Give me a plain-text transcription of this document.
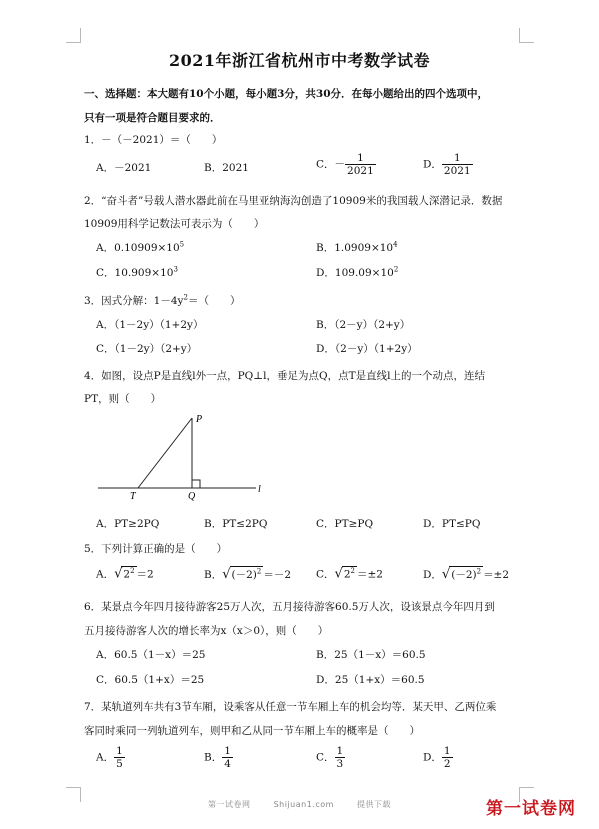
2021年浙江省杭州市中考数学试卷
一、选择题：本大题有10个小题，每小题3分，共30分．在每小题给出的四个选项中，
只有一项是符合题目要求的．
1．－（－2021）＝（　　）
A．－2021	B．2021	C．－ $\frac{1}{2021}$	D． $\frac{1}{2021}$
2．“奋斗者”号载人潜水器此前在马里亚纳海沟创造了10909米的我国载人深潜记录．数据
10909用科学记数法可表示为（　　）
A．$0.10909\times 10^5$	B．$1.0909\times 10^4$
C．$10.909\times 10^3$	D．$109.09\times 10^2$
3．因式分解：$1-4y^2=$（　　）
A．（1－2y）（1+2y）	B．（2－y）（2+y）
C．（1－2y）（2+y）	D．（2－y）（1+2y）
4．如图，设点P是直线l外一点，PQ⊥l，垂足为点Q，点T是直线l上的一个动点，连结
PT，则（　　）
P
T	Q
l
A．PT≥2PQ	B．PT≤2PQ	C．PT≥PQ	D．PT≤PQ
5．下列计算正确的是（　　）
A．$√2^2 =2$	B．$√(-2)^2 =-2$ C．$√2^2 =\pm 2$	D．$√(-2)^2 =\pm 2$
6．某景点今年四月接待游客25万人次，五月接待游客60.5万人次，设该景点今年四月到
五月接待游客人次的增长率为x（x＞0），则（　　）
A．60.5（1－x）＝25	B．25（1－x）＝60.5
C．60.5（1+x）＝25	D．25（1+x）＝60.5
7．某轨道列车共有3节车厢，设乘客从任意一节车厢上车的机会均等．某天甲、乙两位乘
客同时乘同一列轨道列车，则甲和乙从同一节车厢上车的概率是（　　）
A． $\frac{1}{5}$	B． $\frac{1}{4}$	C． $\frac{1}{3}$	D． $\frac{1}{2}$
第一试卷网	Shijuan1.com	提供下载	第一试卷网
